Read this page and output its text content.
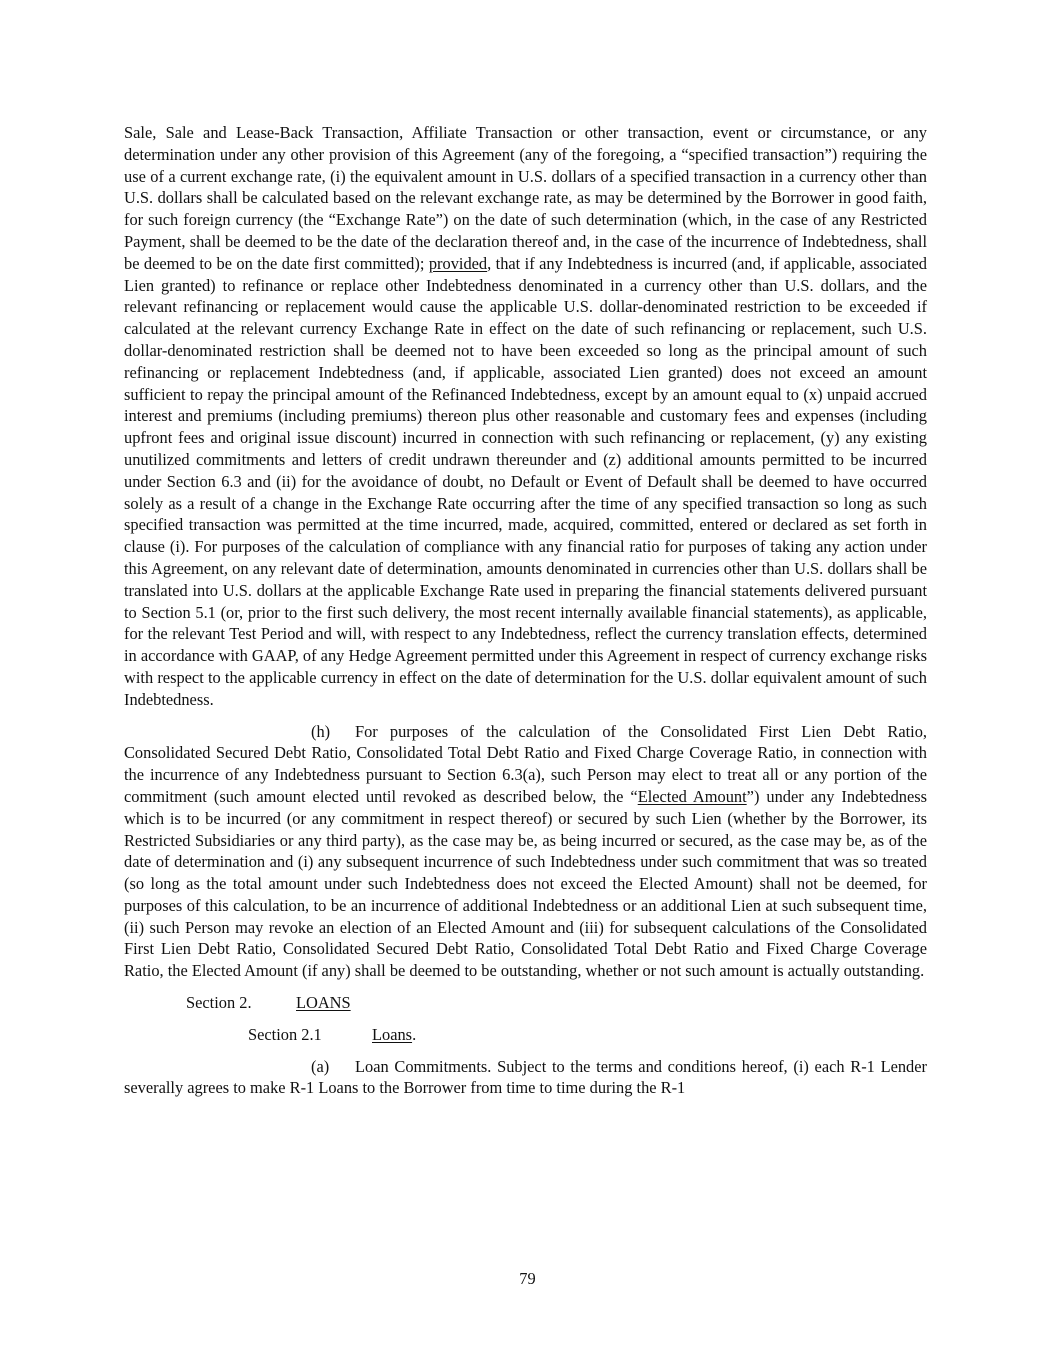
Sale, Sale and Lease-Back Transaction, Affiliate Transaction or other transaction, event or circumstance, or any determination under any other provision of this Agreement (any of the foregoing, a “specified transaction”) requiring the use of a current exchange rate, (i) the equivalent amount in U.S. dollars of a specified transaction in a currency other than U.S. dollars shall be calculated based on the relevant exchange rate, as may be determined by the Borrower in good faith, for such foreign currency (the “Exchange Rate”) on the date of such determination (which, in the case of any Restricted Payment, shall be deemed to be the date of the declaration thereof and, in the case of the incurrence of Indebtedness, shall be deemed to be on the date first committed); provided, that if any Indebtedness is incurred (and, if applicable, associated Lien granted) to refinance or replace other Indebtedness denominated in a currency other than U.S. dollars, and the relevant refinancing or replacement would cause the applicable U.S. dollar-denominated restriction to be exceeded if calculated at the relevant currency Exchange Rate in effect on the date of such refinancing or replacement, such U.S. dollar-denominated restriction shall be deemed not to have been exceeded so long as the principal amount of such refinancing or replacement Indebtedness (and, if applicable, associated Lien granted) does not exceed an amount sufficient to repay the principal amount of the Refinanced Indebtedness, except by an amount equal to (x) unpaid accrued interest and premiums (including premiums) thereon plus other reasonable and customary fees and expenses (including upfront fees and original issue discount) incurred in connection with such refinancing or replacement, (y) any existing unutilized commitments and letters of credit undrawn thereunder and (z) additional amounts permitted to be incurred under Section 6.3 and (ii) for the avoidance of doubt, no Default or Event of Default shall be deemed to have occurred solely as a result of a change in the Exchange Rate occurring after the time of any specified transaction so long as such specified transaction was permitted at the time incurred, made, acquired, committed, entered or declared as set forth in clause (i). For purposes of the calculation of compliance with any financial ratio for purposes of taking any action under this Agreement, on any relevant date of determination, amounts denominated in currencies other than U.S. dollars shall be translated into U.S. dollars at the applicable Exchange Rate used in preparing the financial statements delivered pursuant to Section 5.1 (or, prior to the first such delivery, the most recent internally available financial statements), as applicable, for the relevant Test Period and will, with respect to any Indebtedness, reflect the currency translation effects, determined in accordance with GAAP, of any Hedge Agreement permitted under this Agreement in respect of currency exchange risks with respect to the applicable currency in effect on the date of determination for the U.S. dollar equivalent amount of such Indebtedness.

(h) For purposes of the calculation of the Consolidated First Lien Debt Ratio, Consolidated Secured Debt Ratio, Consolidated Total Debt Ratio and Fixed Charge Coverage Ratio, in connection with the incurrence of any Indebtedness pursuant to Section 6.3(a), such Person may elect to treat all or any portion of the commitment (such amount elected until revoked as described below, the “Elected Amount”) under any Indebtedness which is to be incurred (or any commitment in respect thereof) or secured by such Lien (whether by the Borrower, its Restricted Subsidiaries or any third party), as the case may be, as being incurred or secured, as the case may be, as of the date of determination and (i) any subsequent incurrence of such Indebtedness under such commitment that was so treated (so long as the total amount under such Indebtedness does not exceed the Elected Amount) shall not be deemed, for purposes of this calculation, to be an incurrence of additional Indebtedness or an additional Lien at such subsequent time, (ii) such Person may revoke an election of an Elected Amount and (iii) for subsequent calculations of the Consolidated First Lien Debt Ratio, Consolidated Secured Debt Ratio, Consolidated Total Debt Ratio and Fixed Charge Coverage Ratio, the Elected Amount (if any) shall be deemed to be outstanding, whether or not such amount is actually outstanding.

Section 2.	LOANS

Section 2.1	Loans.

(a) Loan Commitments. Subject to the terms and conditions hereof, (i) each R-1 Lender severally agrees to make R-1 Loans to the Borrower from time to time during the R-1

79
